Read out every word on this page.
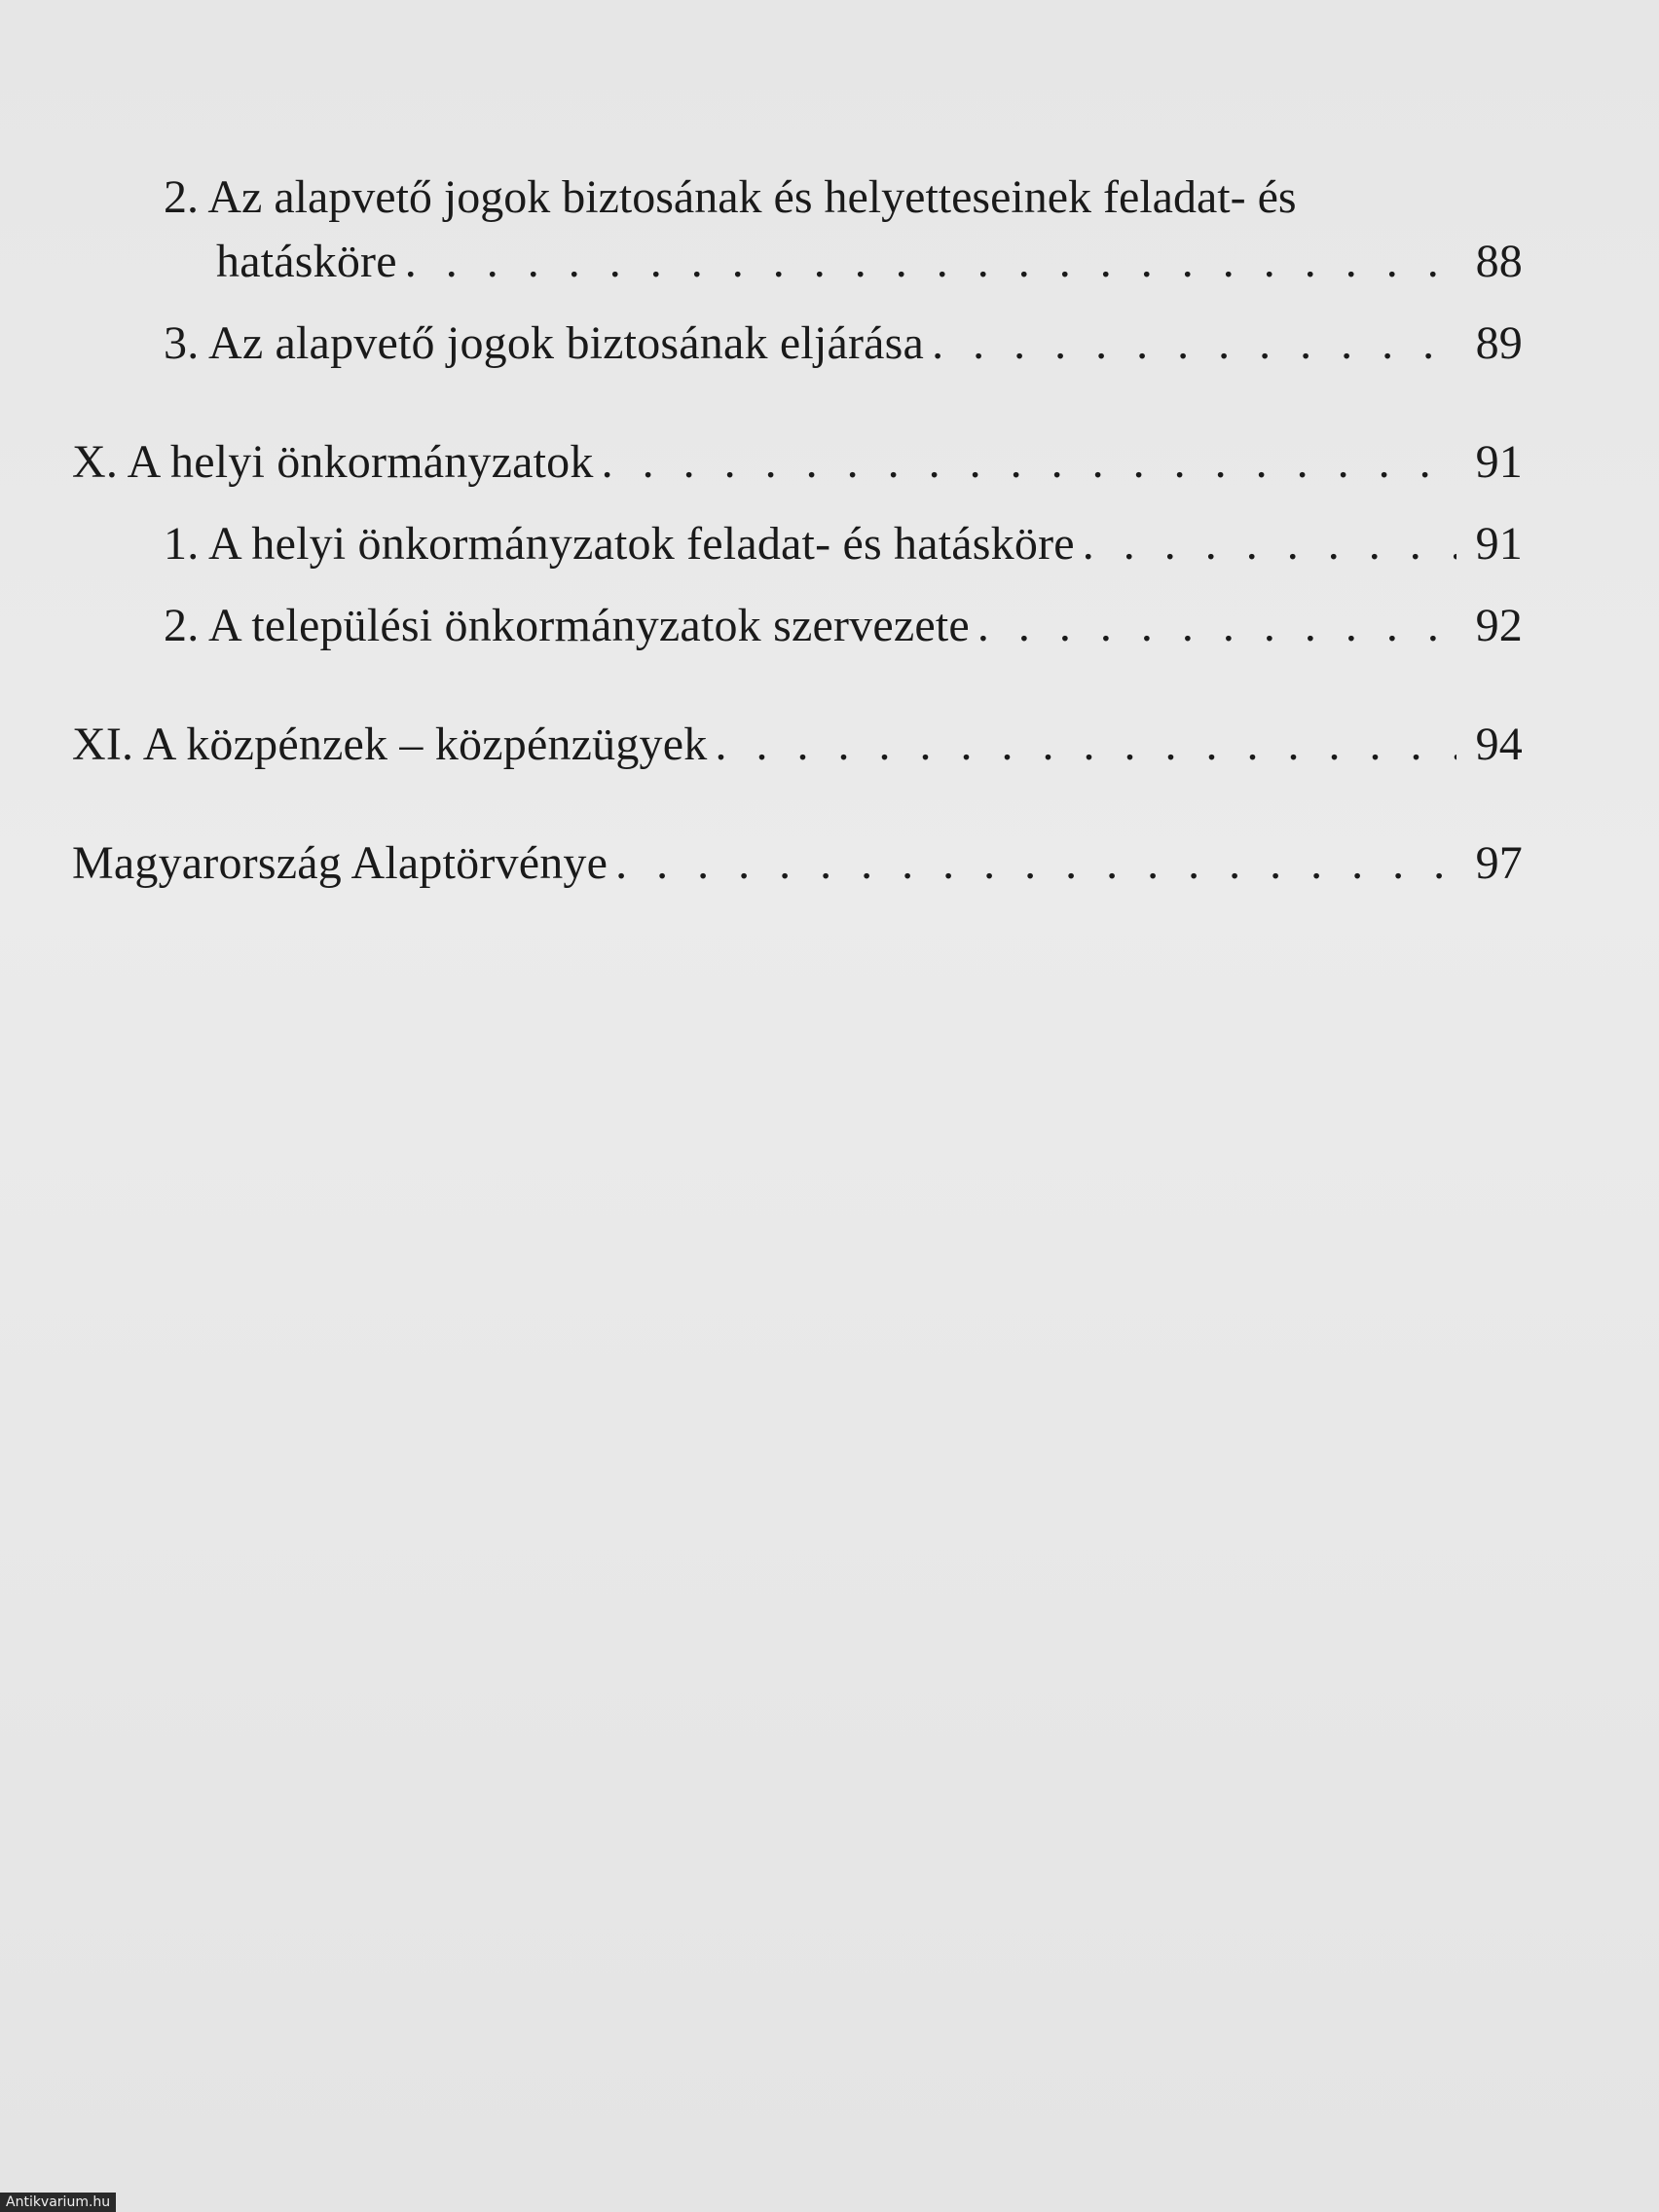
2. Az alapvető jogok biztosának és helyetteseinek feladat- és
hatásköre . . .	88
3. Az alapvető jogok biztosának eljárása . . .	89
X. A helyi önkormányzatok . . .	91
1. A helyi önkormányzatok feladat- és hatásköre . . .	91
2. A települési önkormányzatok szervezete . . .	92
XI. A közpénzek – közpénzügyek . . .	94
Magyarország Alaptörvénye . . .	97
Antikvarium.hu
